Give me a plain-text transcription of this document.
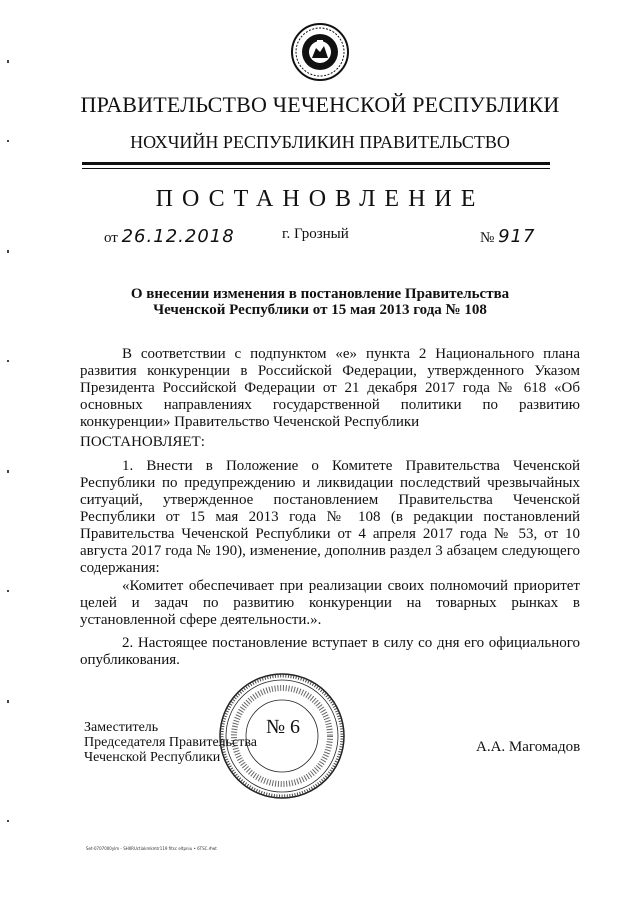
ПРАВИТЕЛЬСТВО ЧЕЧЕНСКОЙ РЕСПУБЛИКИ
НОХЧИЙН РЕСПУБЛИКИН ПРАВИТЕЛЬСТВО
ПОСТАНОВЛЕНИЕ
от 26.12.2018	г. Грозный	№ 917
О внесении изменения в постановление Правительства
Чеченской Республики от 15 мая 2013 года № 108
В соответствии с подпунктом «е» пункта 2 Национального плана развития конкуренции в Российской Федерации, утвержденного Указом Президента Российской Федерации от 21 декабря 2017 года № 618 «Об основных направлениях государственной политики по развитию конкуренции» Правительство Чеченской Республики
ПОСТАНОВЛЯЕТ:
1. Внести в Положение о Комитете Правительства Чеченской Республики по предупреждению и ликвидации последствий чрезвычайных ситуаций, утвержденное постановлением Правительства Чеченской Республики от 15 мая 2013 года № 108 (в редакции постановлений Правительства Чеченской Республики от 4 апреля 2017 года № 53, от 10 августа 2017 года № 190), изменение, дополнив раздел 3 абзацем следующего содержания:
«Комитет обеспечивает при реализации своих полномочий приоритет целей и задач по развитию конкуренции на товарных рынках в установленной сфере деятельности.».
2. Настоящее постановление вступает в силу со дня его официального опубликования.
№ 6
Заместитель
Председателя Правительства
Чеченской Республики
А.А. Магомадов
Set-0707000ylm - SHIIRUctiakmkmtr119 fitsc eltpniu • 6TSC.#wt
